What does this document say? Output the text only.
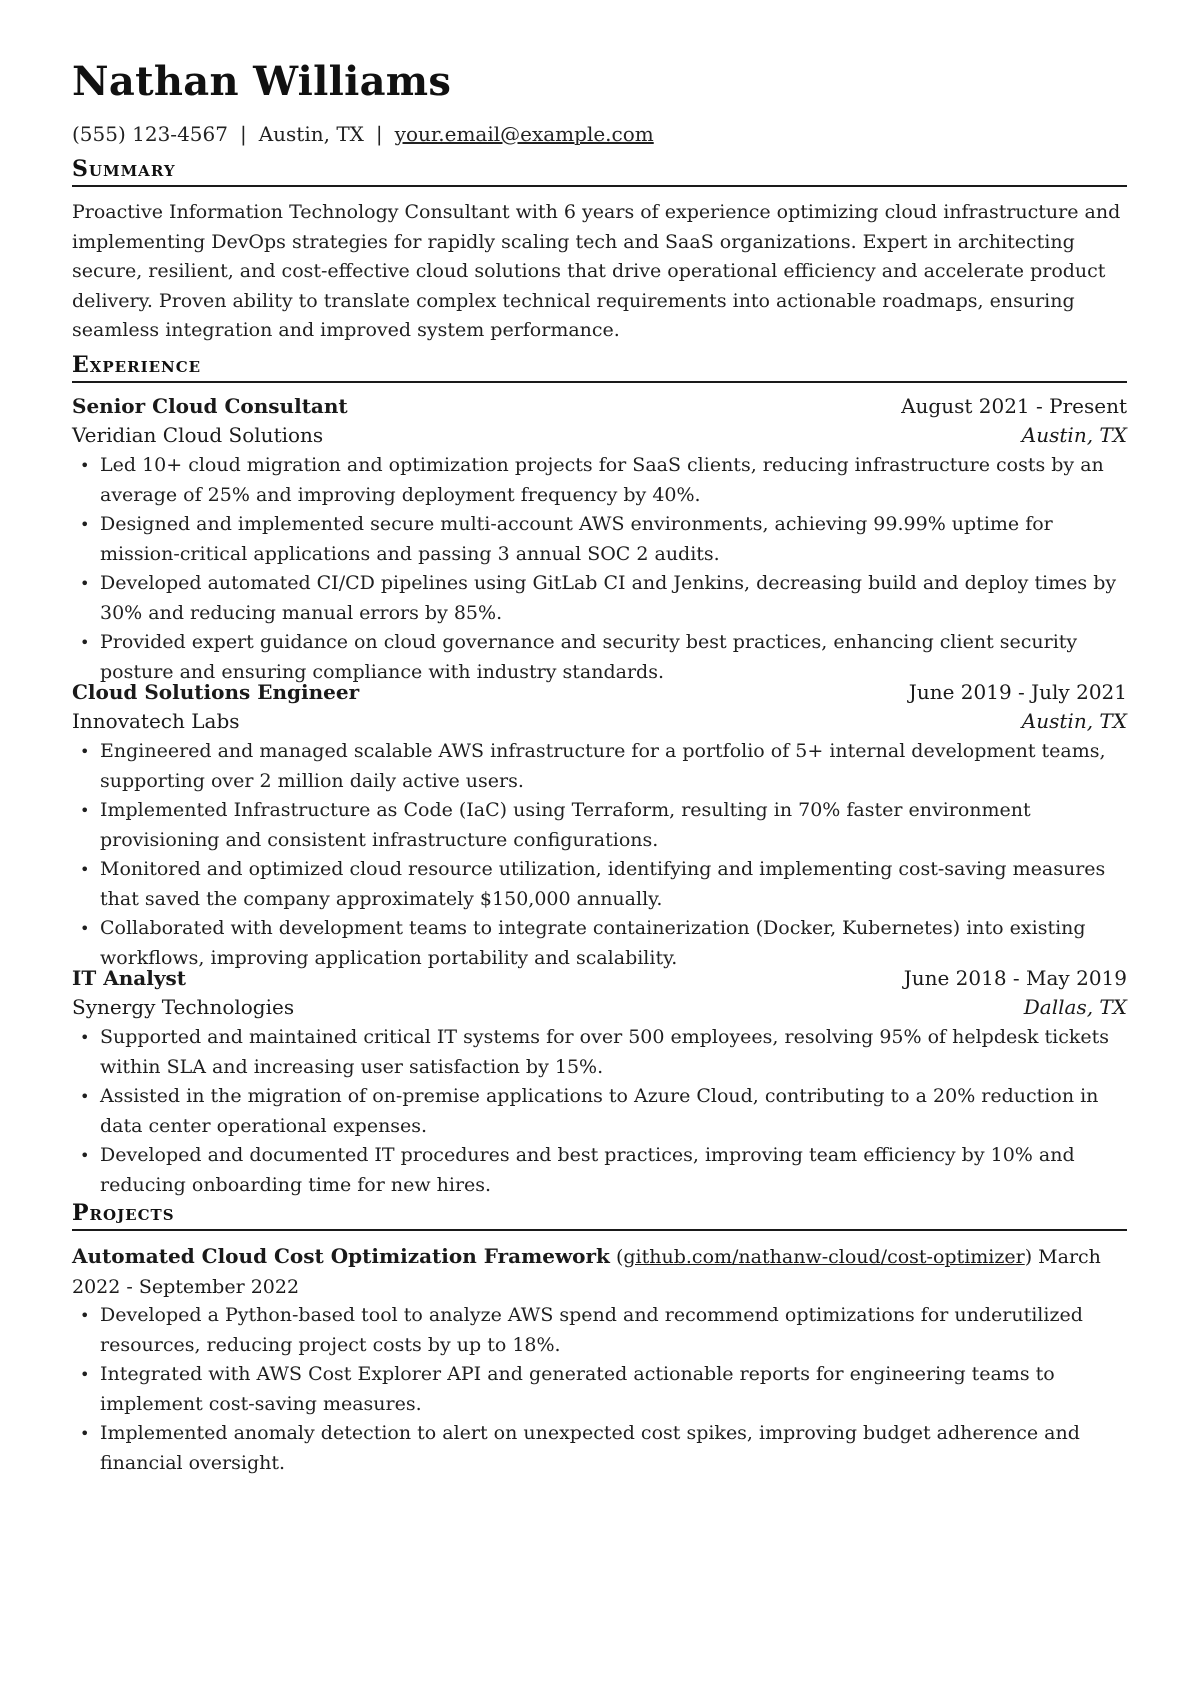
Nathan Williams
(555) 123-4567 | Austin, TX | your.email@example.com
Summary
Proactive Information Technology Consultant with 6 years of experience optimizing cloud infrastructure and implementing DevOps strategies for rapidly scaling tech and SaaS organizations. Expert in architecting secure, resilient, and cost-effective cloud solutions that drive operational efficiency and accelerate product delivery. Proven ability to translate complex technical requirements into actionable roadmaps, ensuring seamless integration and improved system performance.
Experience
Senior Cloud Consultant	August 2021 - Present
Veridian Cloud Solutions	Austin, TX
• Led 10+ cloud migration and optimization projects for SaaS clients, reducing infrastructure costs by an average of 25% and improving deployment frequency by 40%.
• Designed and implemented secure multi-account AWS environments, achieving 99.99% uptime for mission-critical applications and passing 3 annual SOC 2 audits.
• Developed automated CI/CD pipelines using GitLab CI and Jenkins, decreasing build and deploy times by 30% and reducing manual errors by 85%.
• Provided expert guidance on cloud governance and security best practices, enhancing client security posture and ensuring compliance with industry standards.
Cloud Solutions Engineer	June 2019 - July 2021
Innovatech Labs	Austin, TX
• Engineered and managed scalable AWS infrastructure for a portfolio of 5+ internal development teams, supporting over 2 million daily active users.
• Implemented Infrastructure as Code (IaC) using Terraform, resulting in 70% faster environment provisioning and consistent infrastructure configurations.
• Monitored and optimized cloud resource utilization, identifying and implementing cost-saving measures that saved the company approximately $150,000 annually.
• Collaborated with development teams to integrate containerization (Docker, Kubernetes) into existing workflows, improving application portability and scalability.
IT Analyst	June 2018 - May 2019
Synergy Technologies	Dallas, TX
• Supported and maintained critical IT systems for over 500 employees, resolving 95% of helpdesk tickets within SLA and increasing user satisfaction by 15%.
• Assisted in the migration of on-premise applications to Azure Cloud, contributing to a 20% reduction in data center operational expenses.
• Developed and documented IT procedures and best practices, improving team efficiency by 10% and reducing onboarding time for new hires.
Projects
Automated Cloud Cost Optimization Framework (github.com/nathanw-cloud/cost-optimizer) March 2022 - September 2022
• Developed a Python-based tool to analyze AWS spend and recommend optimizations for underutilized resources, reducing project costs by up to 18%.
• Integrated with AWS Cost Explorer API and generated actionable reports for engineering teams to implement cost-saving measures.
• Implemented anomaly detection to alert on unexpected cost spikes, improving budget adherence and financial oversight.
